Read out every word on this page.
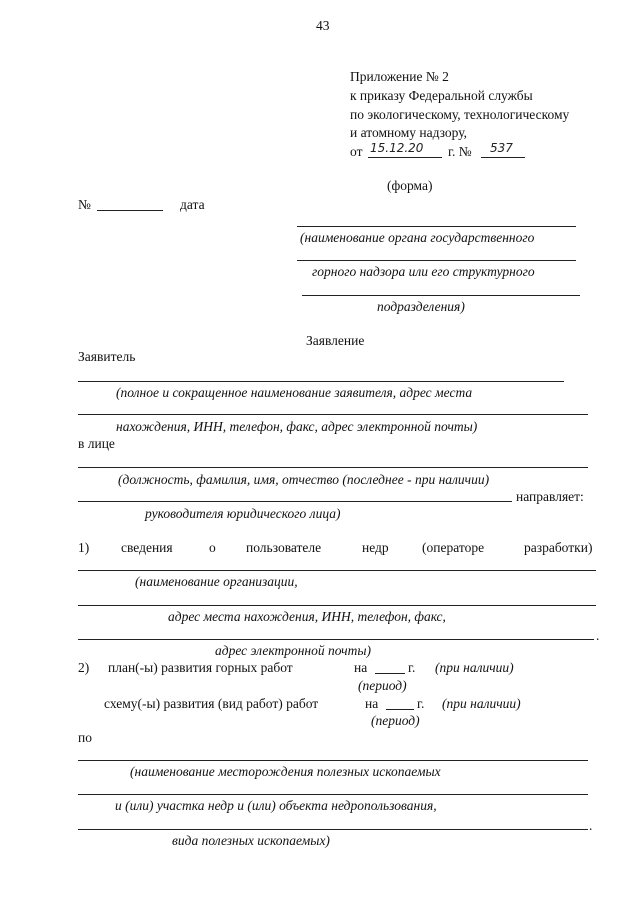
43
Приложение № 2
к приказу Федеральной службы
по экологическому, технологическому
и атомному надзору,
от 15.12.20 г. № 537
(форма)
№	дата
(наименование органа государственного
горного надзора или его структурного
подразделения)
Заявление
Заявитель
(полное и сокращенное наименование заявителя, адрес места
нахождения, ИНН, телефон, факс, адрес электронной почты)
в лице
(должность, фамилия, имя, отчество (последнее - при наличии)
направляет:
руководителя юридического лица)
1) сведения	о пользователе	недр (операторе	разработки)
(наименование организации,
адрес места нахождения, ИНН, телефон, факс,
.
адрес электронной почты)
2) план(-ы) развития горных работ	на	г. (при наличии)
(период)
схему(-ы) развития (вид работ) работ	на	г. (при наличии)
(период)
по
(наименование месторождения полезных ископаемых
и (или) участка недр и (или) объекта недропользования,
.
вида полезных ископаемых)
